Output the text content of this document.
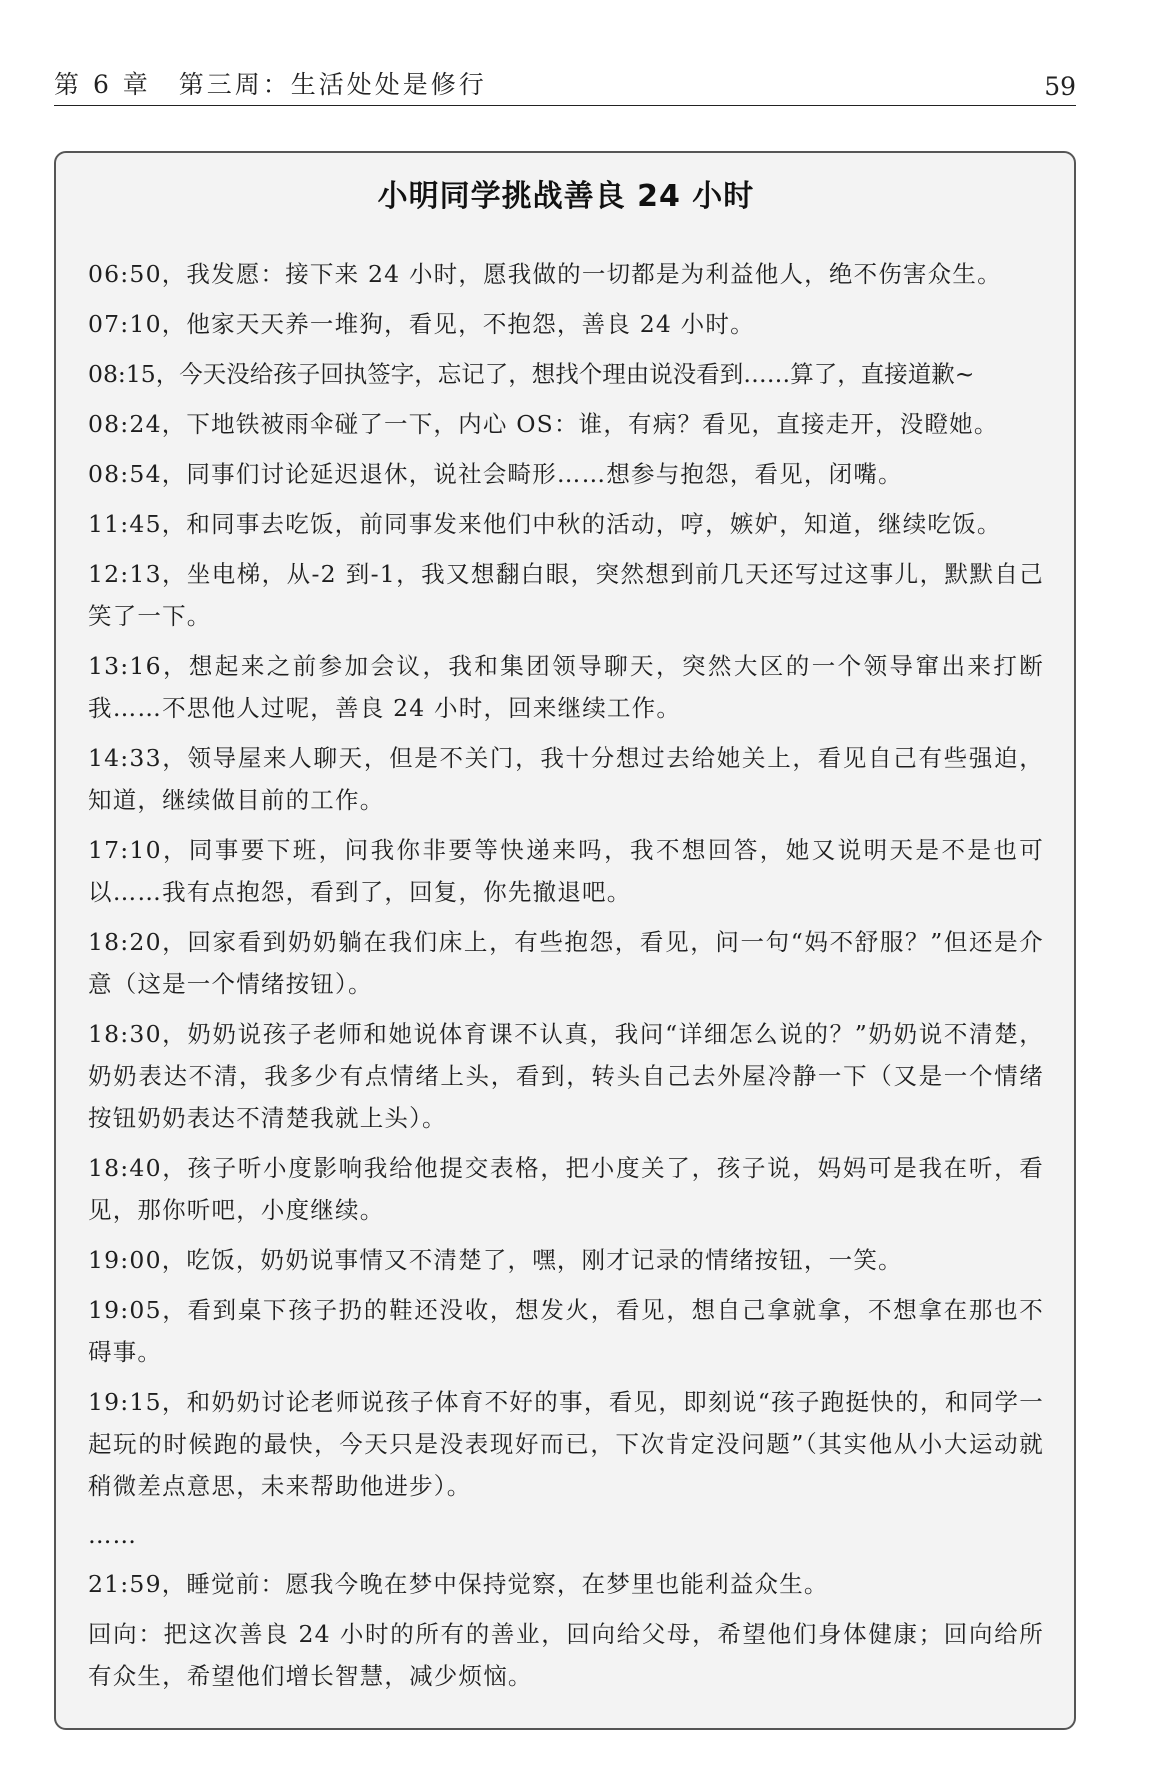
第 6 章　第三周：生活处处是修行	59
小明同学挑战善良 24 小时

06:50，我发愿：接下来 24 小时，愿我做的一切都是为利益他人，绝不伤害众生。

07:10，他家天天养一堆狗，看见，不抱怨，善良 24 小时。

08:15，今天没给孩子回执签字，忘记了，想找个理由说没看到……算了，直接道歉~

08:24，下地铁被雨伞碰了一下，内心 OS：谁，有病？看见，直接走开，没瞪她。

08:54，同事们讨论延迟退休，说社会畸形……想参与抱怨，看见，闭嘴。

11:45，和同事去吃饭，前同事发来他们中秋的活动，哼，嫉妒，知道，继续吃饭。

12:13，坐电梯，从-2 到-1，我又想翻白眼，突然想到前几天还写过这事儿，默默自己笑了一下。

13:16，想起来之前参加会议，我和集团领导聊天，突然大区的一个领导窜出来打断我……不思他人过呢，善良 24 小时，回来继续工作。

14:33，领导屋来人聊天，但是不关门，我十分想过去给她关上，看见自己有些强迫，知道，继续做目前的工作。

17:10，同事要下班，问我你非要等快递来吗，我不想回答，她又说明天是不是也可以……我有点抱怨，看到了，回复，你先撤退吧。

18:20，回家看到奶奶躺在我们床上，有些抱怨，看见，问一句“妈不舒服？”但还是介意（这是一个情绪按钮）。

18:30，奶奶说孩子老师和她说体育课不认真，我问“详细怎么说的？”奶奶说不清楚，奶奶表达不清，我多少有点情绪上头，看到，转头自己去外屋冷静一下（又是一个情绪按钮奶奶表达不清楚我就上头）。

18:40，孩子听小度影响我给他提交表格，把小度关了，孩子说，妈妈可是我在听，看见，那你听吧，小度继续。

19:00，吃饭，奶奶说事情又不清楚了，嘿，刚才记录的情绪按钮，一笑。

19:05，看到桌下孩子扔的鞋还没收，想发火，看见，想自己拿就拿，不想拿在那也不碍事。

19:15，和奶奶讨论老师说孩子体育不好的事，看见，即刻说“孩子跑挺快的，和同学一起玩的时候跑的最快，今天只是没表现好而已，下次肯定没问题”（其实他从小大运动就稍微差点意思，未来帮助他进步）。

……

21:59，睡觉前：愿我今晚在梦中保持觉察，在梦里也能利益众生。

回向：把这次善良 24 小时的所有的善业，回向给父母，希望他们身体健康；回向给所有众生，希望他们增长智慧，减少烦恼。
